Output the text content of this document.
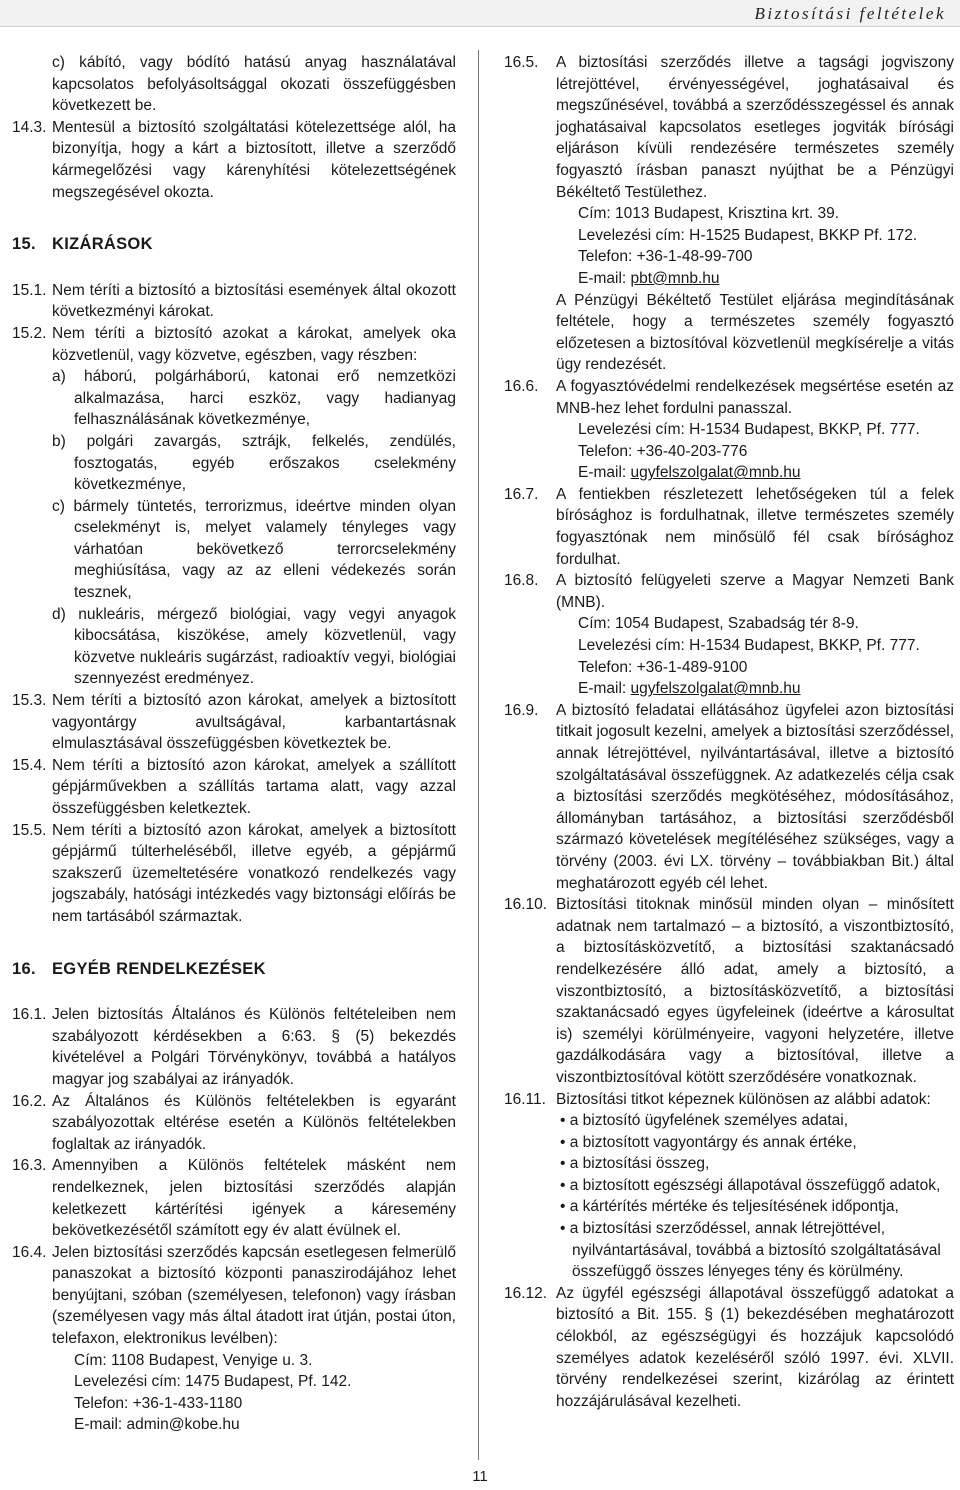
Biztosítási feltételek
c) kábító, vagy bódító hatású anyag használatával kapcsolatos befolyásoltsággal okozati összefüggésben következett be.
14.3. Mentesül a biztosító szolgáltatási kötelezettsége alól, ha bizonyítja, hogy a kárt a biztosított, illetve a szerződő kármegelőzési vagy kárenyhítési kötelezettségének megszegésével okozta.
15. KIZÁRÁSOK
15.1. Nem téríti a biztosító a biztosítási események által okozott következményi károkat.
15.2. Nem téríti a biztosító azokat a károkat, amelyek oka közvetlenül, vagy közvetve, egészben, vagy részben:
a) háború, polgárháború, katonai erő nemzetközi alkalmazása, harci eszköz, vagy hadianyag felhasználásának következménye,
b) polgári zavargás, sztrájk, felkelés, zendülés, fosztogatás, egyéb erőszakos cselekmény következménye,
c) bármely tüntetés, terrorizmus, ideértve minden olyan cselekményt is, melyet valamely tényleges vagy várhatóan bekövetkező terrorcselekmény meghiúsítása, vagy az az elleni védekezés során tesznek,
d) nukleáris, mérgező biológiai, vagy vegyi anyagok kibocsátása, kiszökése, amely közvetlenül, vagy közvetve nukleáris sugárzást, radioaktív vegyi, biológiai szennyezést eredményez.
15.3. Nem téríti a biztosító azon károkat, amelyek a biztosított vagyontárgy avultságával, karbantartásnak elmulasztásával összefüggésben következtek be.
15.4. Nem téríti a biztosító azon károkat, amelyek a szállított gépjárművekben a szállítás tartama alatt, vagy azzal összefüggésben keletkeztek.
15.5. Nem téríti a biztosító azon károkat, amelyek a biztosított gépjármű túlterheléséből, illetve egyéb, a gépjármű szakszerű üzemeltetésére vonatkozó rendelkezés vagy jogszabály, hatósági intézkedés vagy biztonsági előírás be nem tartásából származtak.
16. EGYÉB RENDELKEZÉSEK
16.1. Jelen biztosítás Általános és Különös feltételeiben nem szabályozott kérdésekben a 6:63. § (5) bekezdés kivételével a Polgári Törvénykönyv, továbbá a hatályos magyar jog szabályai az irányadók.
16.2. Az Általános és Különös feltételekben is egyaránt szabályozottak eltérése esetén a Különös feltételekben foglaltak az irányadók.
16.3. Amennyiben a Különös feltételek másként nem rendelkeznek, jelen biztosítási szerződés alapján keletkezett kártérítési igények a káresemény bekövetkezésétől számított egy év alatt évülnek el.
16.4. Jelen biztosítási szerződés kapcsán esetlegesen felmerülő panaszokat a biztosító központi panaszirodájához lehet benyújtani, szóban (személyesen, telefonon) vagy írásban (személyesen vagy más által átadott irat útján, postai úton, telefaxon, elektronikus levélben):
Cím: 1108 Budapest, Venyige u. 3.
Levelezési cím: 1475 Budapest, Pf. 142.
Telefon: +36-1-433-1180
E-mail: admin@kobe.hu
16.5.	A biztosítási szerződés illetve a tagsági jogviszony létrejöttével, érvényességével, joghatásaival és megszűnésével, továbbá a szerződésszegéssel és annak joghatásaival kapcsolatos esetleges jogviták bírósági eljáráson kívüli rendezésére természetes személy fogyasztó írásban panaszt nyújthat be a Pénzügyi Békéltető Testülethez.
Cím: 1013 Budapest, Krisztina krt. 39.
Levelezési cím: H-1525 Budapest, BKKP Pf. 172.
Telefon: +36-1-48-99-700
E-mail: pbt@mnb.hu
A Pénzügyi Békéltető Testület eljárása megindításának feltétele, hogy a természetes személy fogyasztó előzetesen a biztosítóval közvetlenül megkísérelje a vitás ügy rendezését.
16.6.	A fogyasztóvédelmi rendelkezések megsértése esetén az MNB-hez lehet fordulni panasszal.
Levelezési cím: H-1534 Budapest, BKKP, Pf. 777.
Telefon: +36-40-203-776
E-mail: ugyfelszolgalat@mnb.hu
16.7.	A fentiekben részletezett lehetőségeken túl a felek bírósághoz is fordulhatnak, illetve természetes személy fogyasztónak nem minősülő fél csak bírósághoz fordulhat.
16.8.	A biztosító felügyeleti szerve a Magyar Nemzeti Bank (MNB).
Cím: 1054 Budapest, Szabadság tér 8-9.
Levelezési cím: H-1534 Budapest, BKKP, Pf. 777.
Telefon: +36-1-489-9100
E-mail: ugyfelszolgalat@mnb.hu
16.9.	A biztosító feladatai ellátásához ügyfelei azon biztosítási titkait jogosult kezelni, amelyek a biztosítási szerződéssel, annak létrejöttével, nyilvántartásával, illetve a biztosító szolgáltatásával összefüggnek. Az adatkezelés célja csak a biztosítási szerződés megkötéséhez, módosításához, állományban tartásához, a biztosítási szerződésből származó követelések megítéléséhez szükséges, vagy a törvény (2003. évi LX. törvény – továbbiakban Bit.) által meghatározott egyéb cél lehet.
16.10. Biztosítási titoknak minősül minden olyan – minősített adatnak nem tartalmazó – a biztosító, a viszontbiztosító, a biztosításközvetítő, a biztosítási szaktanácsadó rendelkezésére álló adat, amely a biztosító, a viszontbiztosító, a biztosításközvetítő, a biztosítási szaktanácsadó egyes ügyfeleinek (ideértve a károsultat is) személyi körülményeire, vagyoni helyzetére, illetve gazdálkodására vagy a biztosítóval, illetve a viszontbiztosítóval kötött szerződésére vonatkoznak.
16.11. Biztosítási titkot képeznek különösen az alábbi adatok:
• a biztosító ügyfelének személyes adatai,
• a biztosított vagyontárgy és annak értéke,
• a biztosítási összeg,
• a biztosított egészségi állapotával összefüggő adatok,
• a kártérítés mértéke és teljesítésének időpontja,
• a biztosítási szerződéssel, annak létrejöttével, nyilvántartásával, továbbá a biztosító szolgáltatásával összefüggő összes lényeges tény és körülmény.
16.12. Az ügyfél egészségi állapotával összefüggő adatokat a biztosító a Bit. 155. § (1) bekezdésében meghatározott célokból, az egészségügyi és hozzájuk kapcsolódó személyes adatok kezeléséről szóló 1997. évi. XLVII. törvény rendelkezései szerint, kizárólag az érintett hozzájárulásával kezelheti.
11
